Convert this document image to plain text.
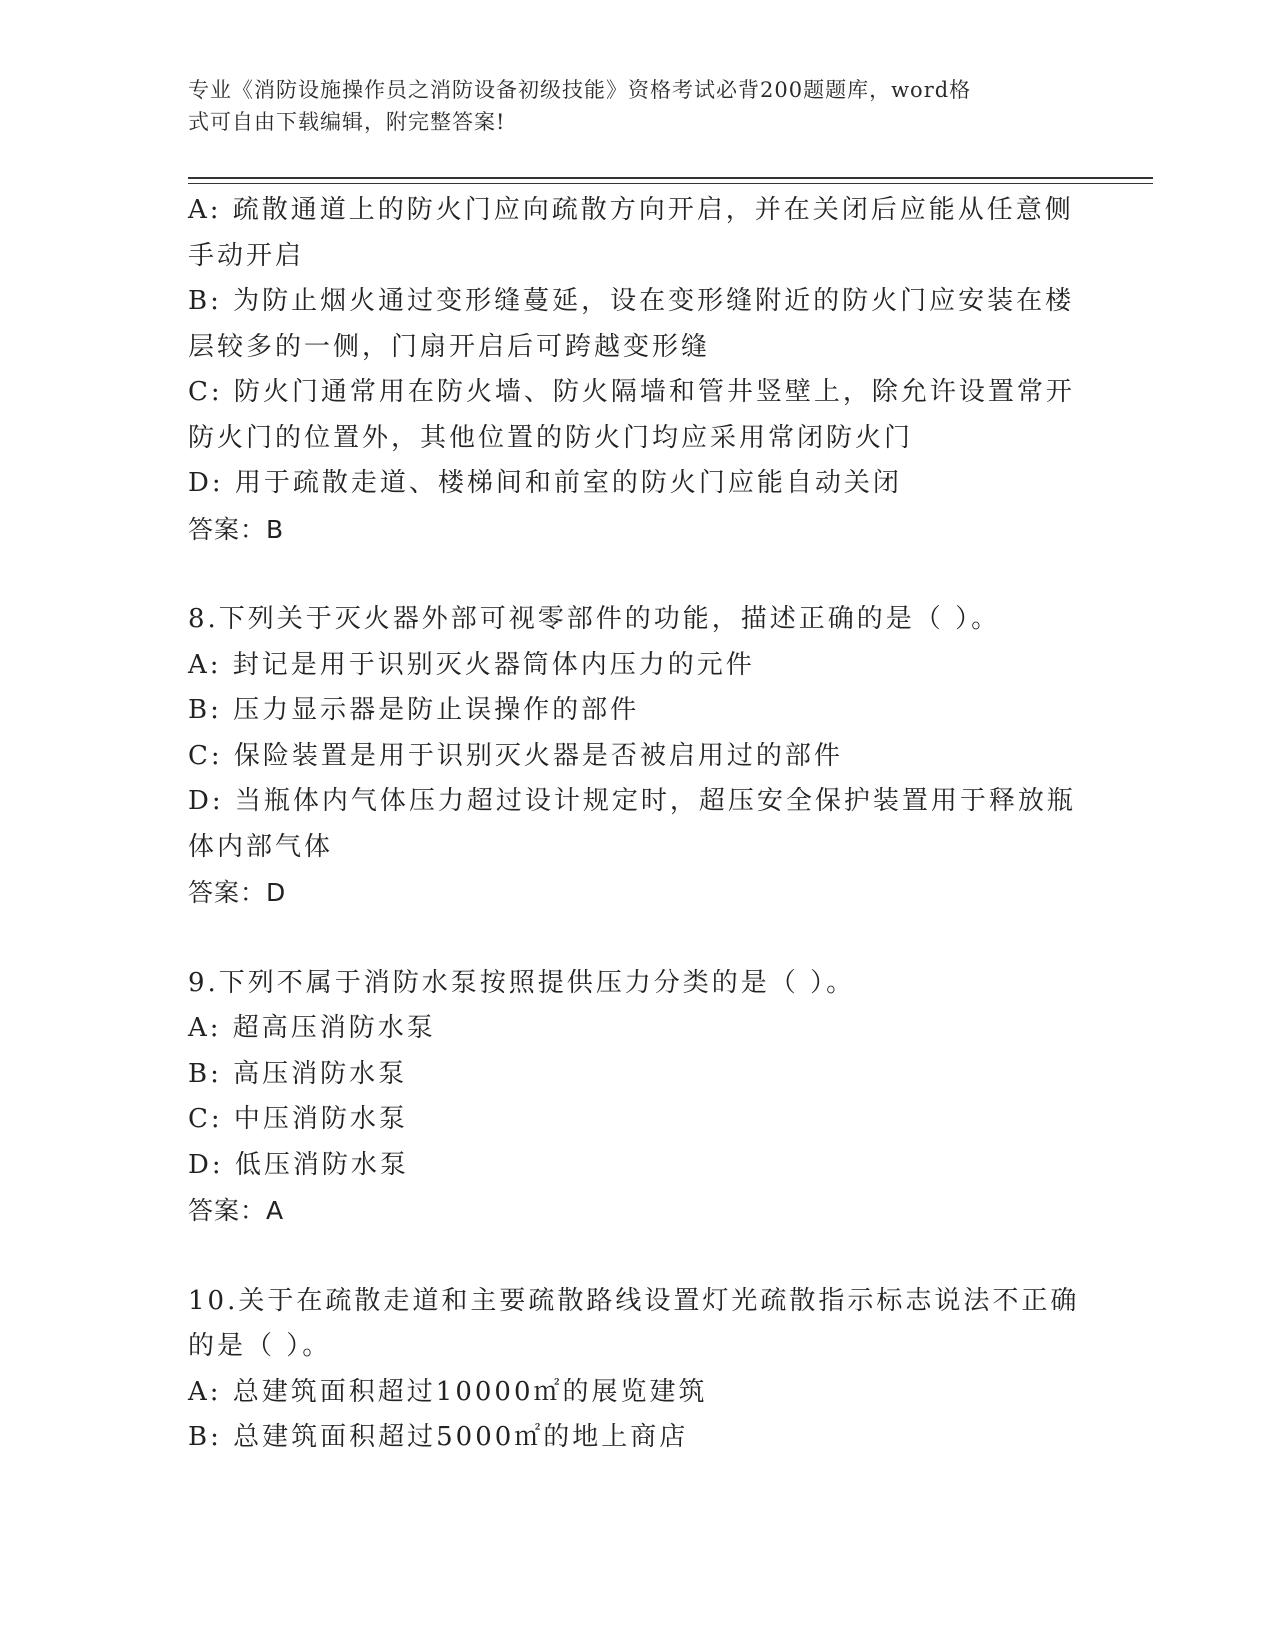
专业《消防设施操作员之消防设备初级技能》资格考试必背200题题库，word格
式可自由下载编辑，附完整答案!
A: 疏散通道上的防火门应向疏散方向开启，并在关闭后应能从任意侧
手动开启
B: 为防止烟火通过变形缝蔓延，设在变形缝附近的防火门应安装在楼
层较多的一侧，门扇开启后可跨越变形缝
C: 防火门通常用在防火墙、防火隔墙和管井竖壁上，除允许设置常开
防火门的位置外，其他位置的防火门均应采用常闭防火门
D: 用于疏散走道、楼梯间和前室的防火门应能自动关闭
答案：B
8.下列关于灭火器外部可视零部件的功能，描述正确的是（ ）。
A: 封记是用于识别灭火器筒体内压力的元件
B: 压力显示器是防止误操作的部件
C: 保险装置是用于识别灭火器是否被启用过的部件
D: 当瓶体内气体压力超过设计规定时，超压安全保护装置用于释放瓶
体内部气体
答案：D
9.下列不属于消防水泵按照提供压力分类的是（ ）。
A: 超高压消防水泵
B: 高压消防水泵
C: 中压消防水泵
D: 低压消防水泵
答案：A
10.关于在疏散走道和主要疏散路线设置灯光疏散指示标志说法不正确
的是（ ）。
A: 总建筑面积超过10000㎡的展览建筑
B: 总建筑面积超过5000㎡的地上商店
